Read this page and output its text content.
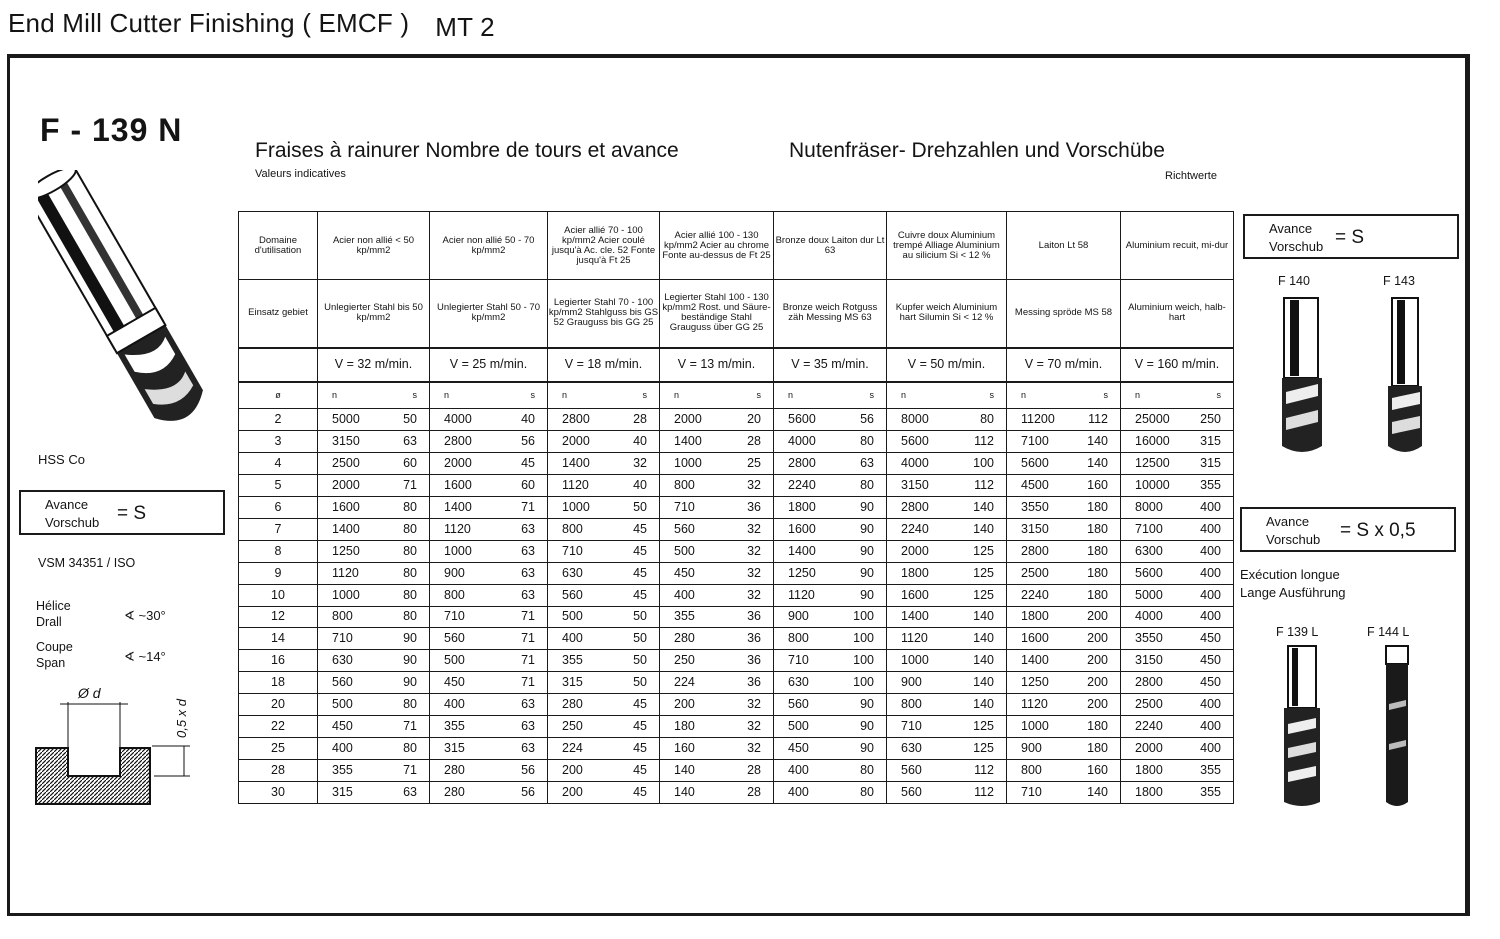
End Mill Cutter Finishing ( EMCF ) MT 2
F - 139 N
Fraises à rainurer Nombre de tours et avance	Nutenfräser- Drehzahlen und Vorschübe
Valeurs indicatives	Richtwerte
HSS Co
Avance
Vorschub = S
VSM 34351 / ISO
Hélice
Drall	∢ ~30°
Coupe
Span	∢ ~14°
Ø d
0,5 x d
Domaine d'utilisation	Acier non allié < 50 kp/mm2	Acier non allié 50 - 70 kp/mm2	Acier allié 70 - 100 kp/mm2 Acier coulé jusqu'à Ac. cle. 52 Fonte jusqu'à Ft 25	Acier allié 100 - 130 kp/mm2 Acier au chrome Fonte au-dessus de Ft 25	Bronze doux Laiton dur Lt 63	Cuivre doux Aluminium trempé Alliage Aluminium au silicium Si < 12 %	Laiton Lt 58	Aluminium recuit, mi-dur
Einsatz gebiet	Unlegierter Stahl bis 50 kp/mm2	Unlegierter Stahl 50 - 70 kp/mm2	Legierter Stahl 70 - 100 kp/mm2 Stahlguss bis GS 52 Grauguss bis GG 25	Legierter Stahl 100 - 130 kp/mm2 Rost. und Säure-beständige Stahl Grauguss über GG 25	Bronze weich Rotguss zäh Messing MS 63	Kupfer weich Aluminium hart Silumin Si < 12 %	Messing spröde MS 58	Aluminium weich, halb-hart
	V = 32 m/min.	V = 25 m/min.	V = 18 m/min.	V = 13 m/min.	V = 35 m/min.	V = 50 m/min.	V = 70 m/min.	V = 160 m/min.
ø	n s	n s	n s	n s	n s	n s	n s	n s

2	5000 50	4000 40	2800 28	2000 20	5600 56	8000 80	11200 112	25000 250

3	3150 63	2800 56	2000 40	1400 28	4000 80	5600 112	7100 140	16000 315

4	2500 60	2000 45	1400 32	1000 25	2800 63	4000 100	5600 140	12500 315

5	2000 71	1600 60	1120 40	800 32	2240 80	3150 112	4500 160	10000 355

6	1600 80	1400 71	1000 50	710 36	1800 90	2800 140	3550 180	8000 400

7	1400 80	1120 63	800 45	560 32	1600 90	2240 140	3150 180	7100 400

8	1250 80	1000 63	710 45	500 32	1400 90	2000 125	2800 180	6300 400

9	1120 80	900 63	630 45	450 32	1250 90	1800 125	2500 180	5600 400

10	1000 80	800 63	560 45	400 32	1120 90	1600 125	2240 180	5000 400

12	800 80	710 71	500 50	355 36	900 100	1400 140	1800 200	4000 400

14	710 90	560 71	400 50	280 36	800 100	1120 140	1600 200	3550 450

16	630 90	500 71	355 50	250 36	710 100	1000 140	1400 200	3150 450

18	560 90	450 71	315 50	224 36	630 100	900 140	1250 200	2800 450

20	500 80	400 63	280 45	200 32	560 90	800 140	1120 200	2500 400

22	450 71	355 63	250 45	180 32	500 90	710 125	1000 180	2240 400

25	400 80	315 63	224 45	160 32	450 90	630 125	900 180	2000 400

28	355 71	280 56	200 45	140 28	400 80	560 112	800 160	1800 355

30	315 63	280 56	200 45	140 28	400 80	560 112	710 140	1800 355
Avance
Vorschub = S
F 140	F 143
Avance
Vorschub = S x 0,5
Exécution longue
Lange Ausführung
F 139 L	F 144 L
